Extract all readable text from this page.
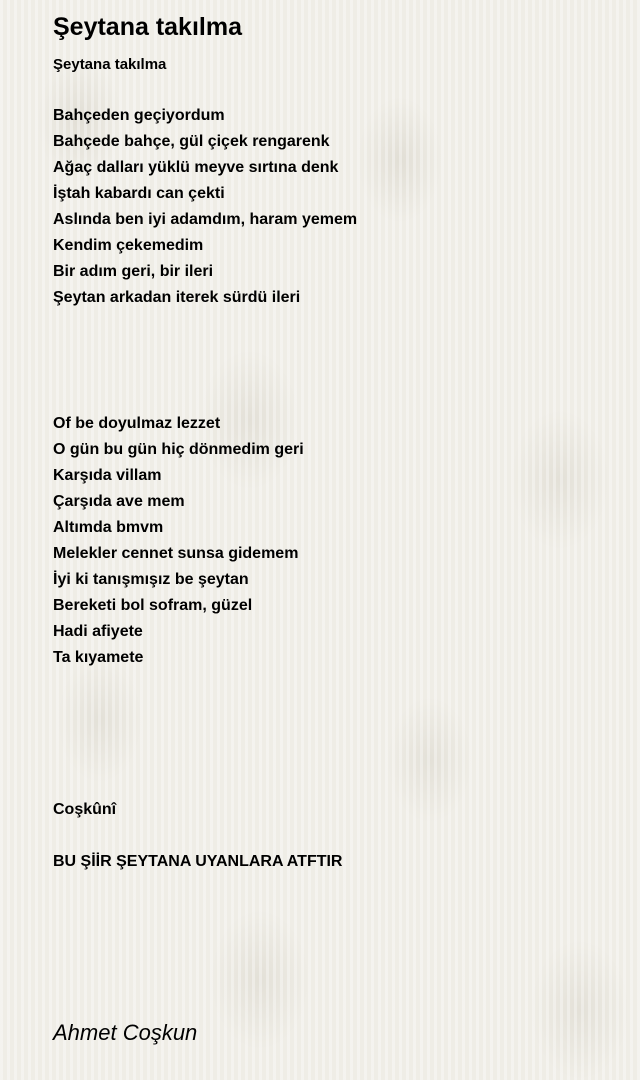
Şeytana takılma
Şeytana takılma
Bahçeden geçiyordum
Bahçede bahçe, gül çiçek rengarenk
Ağaç dalları yüklü meyve sırtına denk
İştah kabardı can çekti
Aslında ben iyi adamdım, haram yemem
Kendim çekemedim
Bir adım geri, bir ileri
Şeytan arkadan iterek sürdü ileri
Of be doyulmaz lezzet
O gün bu gün hiç dönmedim geri
Karşıda villam
Çarşıda ave mem
Altımda bmvm
Melekler cennet sunsa gidemem
İyi ki tanışmışız be şeytan
Bereketi bol sofram, güzel
Hadi afiyete
Ta kıyamete
Coşkûnî
BU ŞİİR ŞEYTANA UYANLARA ATFTIR
Ahmet Coşkun
